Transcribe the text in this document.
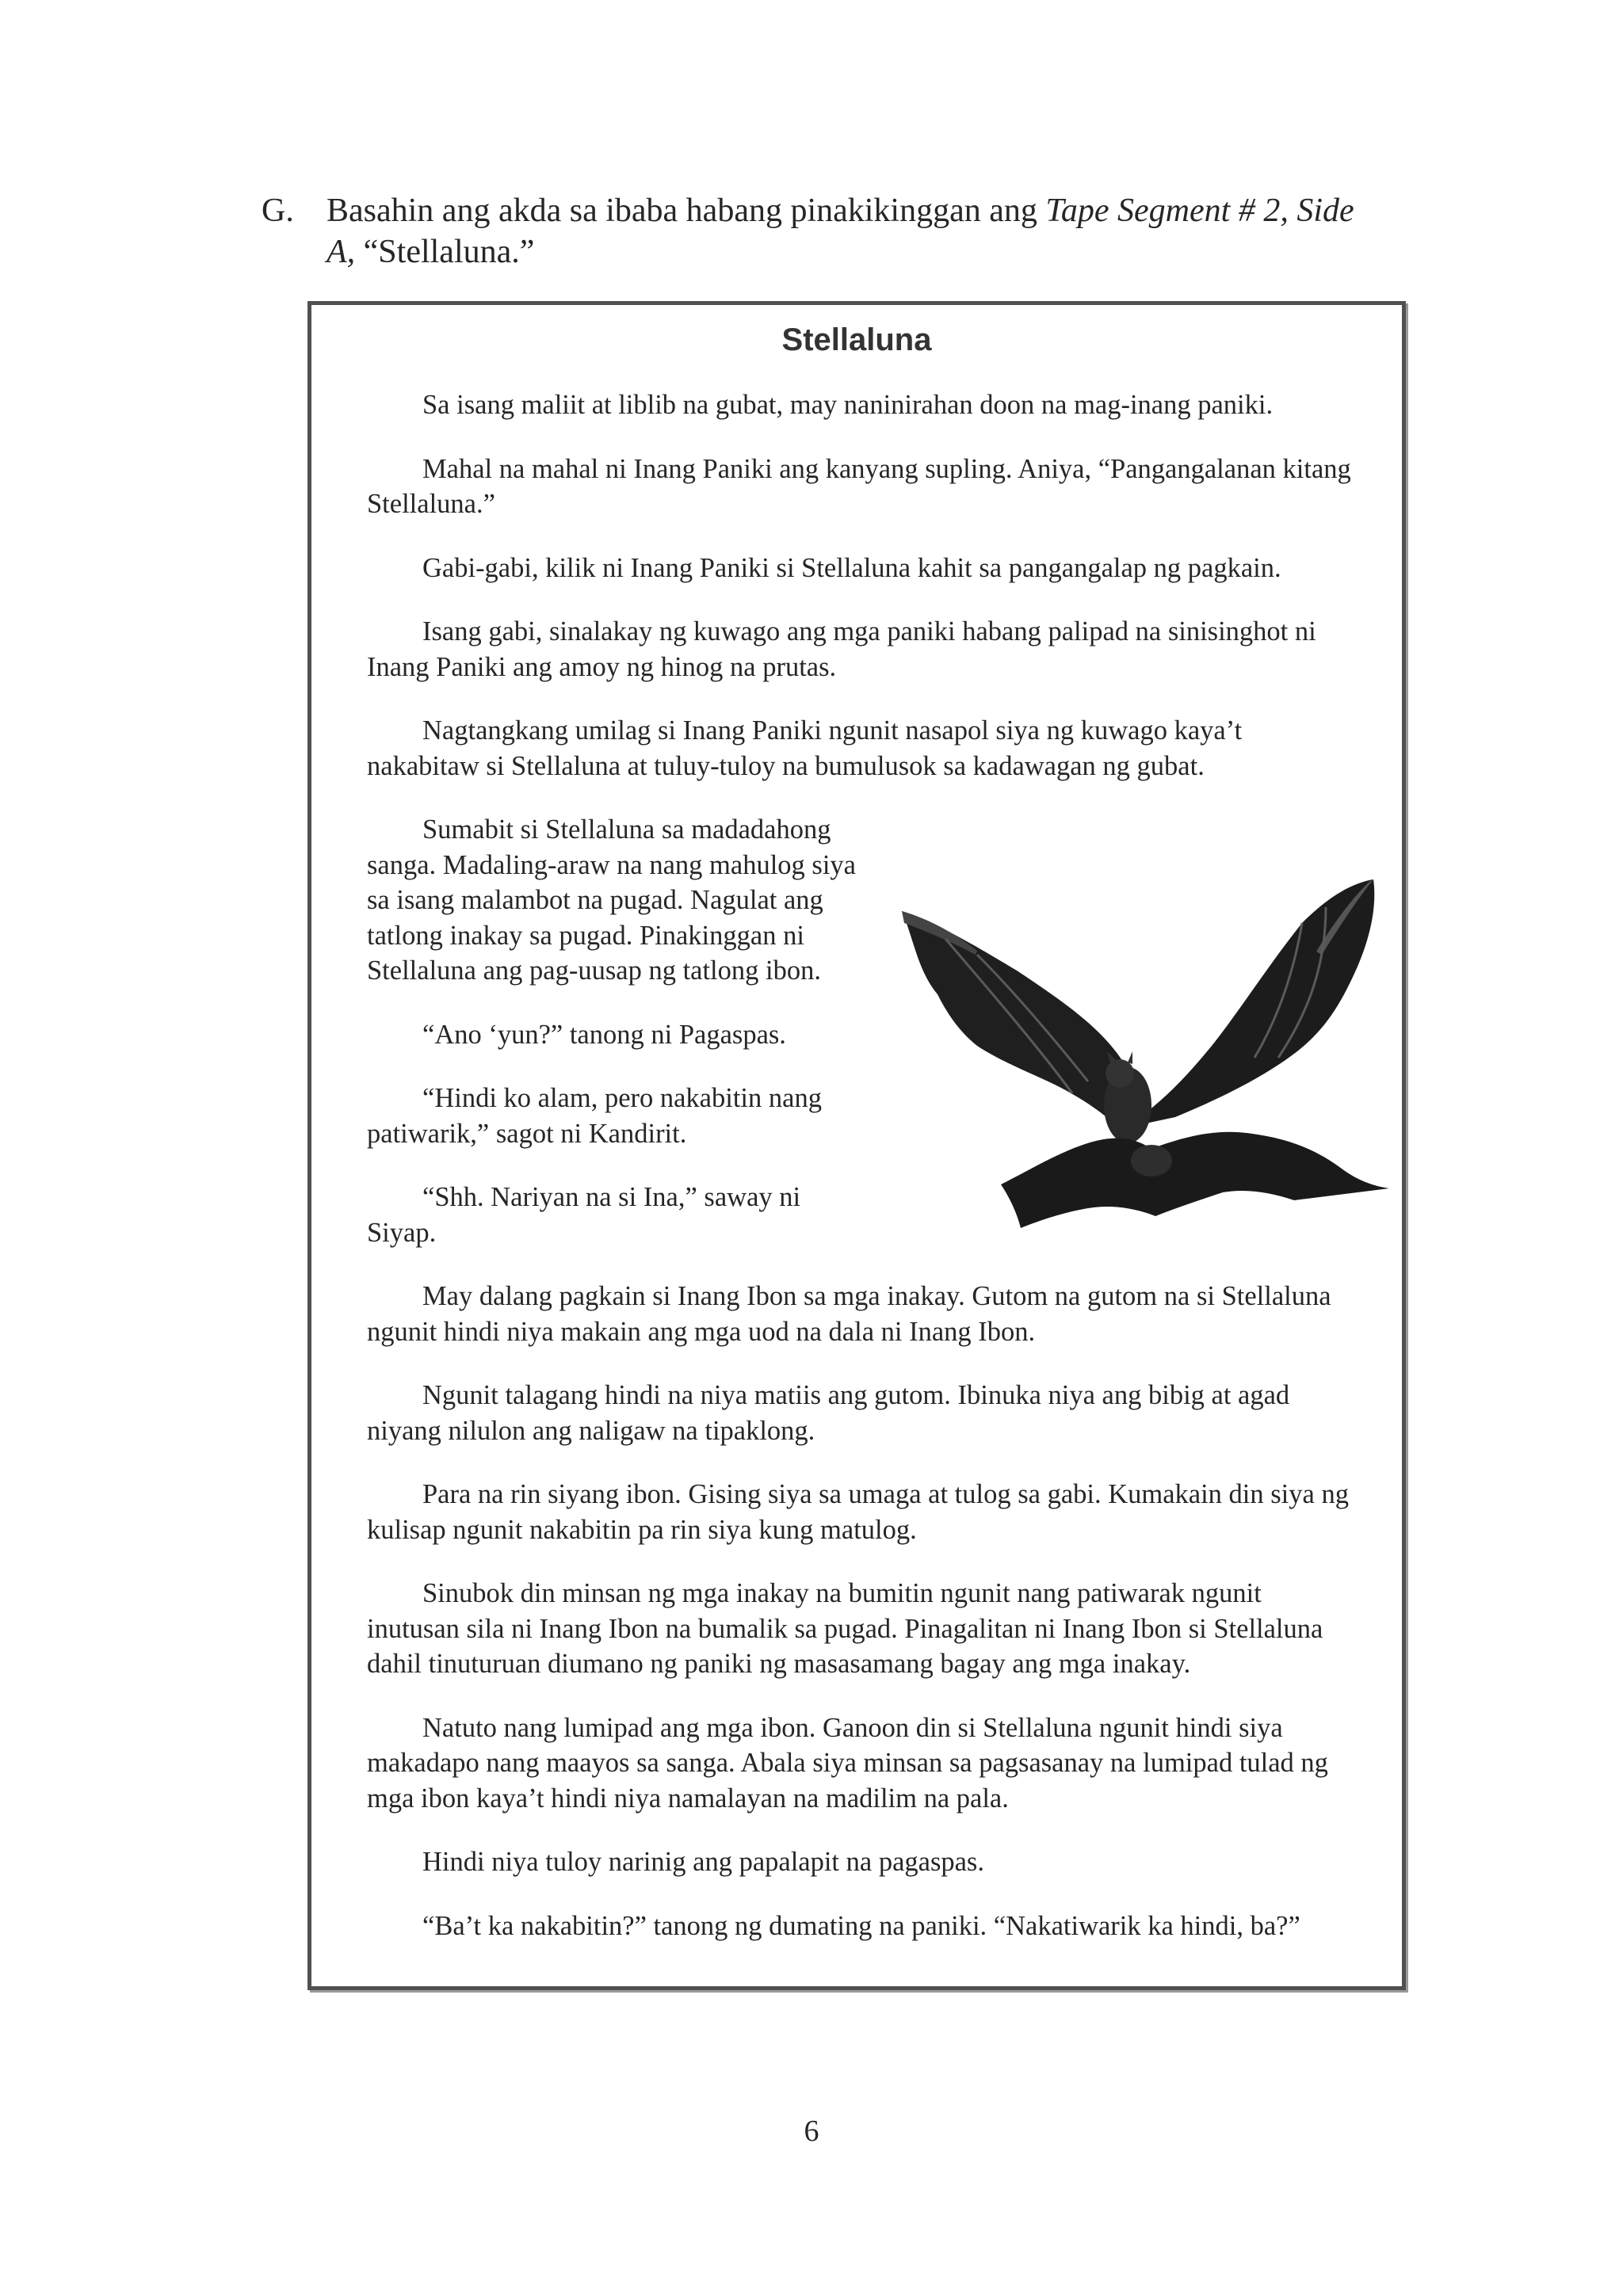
G. Basahin ang akda sa ibaba habang pinakikinggan ang Tape Segment # 2, Side A, “Stellaluna.”
Stellaluna

Sa isang maliit at liblib na gubat, may naninirahan doon na mag-inang paniki.

Mahal na mahal ni Inang Paniki ang kanyang supling. Aniya, “Pangangalanan kitang Stellaluna.”

Gabi-gabi, kilik ni Inang Paniki si Stellaluna kahit sa pangangalap ng pagkain.

Isang gabi, sinalakay ng kuwago ang mga paniki habang palipad na sinisinghot ni Inang Paniki ang amoy ng hinog na prutas.

Nagtangkang umilag si Inang Paniki ngunit nasapol siya ng kuwago kaya’t nakabitaw si Stellaluna at tuluy-tuloy na bumulusok sa kadawagan ng gubat.

Sumabit si Stellaluna sa madadahong sanga. Madaling-araw na nang mahulog siya sa isang malambot na pugad. Nagulat ang tatlong inakay sa pugad. Pinakinggan ni Stellaluna ang pag-uusap ng tatlong ibon.

“Ano ‘yun?” tanong ni Pagaspas.

“Hindi ko alam, pero nakabitin nang patiwarik,” sagot ni Kandirit.

“Shh. Nariyan na si Ina,” saway ni Siyap.

May dalang pagkain si Inang Ibon sa mga inakay. Gutom na gutom na si Stellaluna ngunit hindi niya makain ang mga uod na dala ni Inang Ibon.

Ngunit talagang hindi na niya matiis ang gutom. Ibinuka niya ang bibig at agad niyang nilulon ang naligaw na tipaklong.

Para na rin siyang ibon. Gising siya sa umaga at tulog sa gabi. Kumakain din siya ng kulisap ngunit nakabitin pa rin siya kung matulog.

Sinubok din minsan ng mga inakay na bumitin ngunit nang patiwarak ngunit inutusan sila ni Inang Ibon na bumalik sa pugad. Pinagalitan ni Inang Ibon si Stellaluna dahil tinuturuan diumano ng paniki ng masasamang bagay ang mga inakay.

Natuto nang lumipad ang mga ibon. Ganoon din si Stellaluna ngunit hindi siya makadapo nang maayos sa sanga. Abala siya minsan sa pagsasanay na lumipad tulad ng mga ibon kaya’t hindi niya namalayan na madilim na pala.

Hindi niya tuloy narinig ang papalapit na pagaspas.

“Ba’t ka nakabitin?” tanong ng dumating na paniki. “Nakatiwarik ka hindi, ba?”

6
